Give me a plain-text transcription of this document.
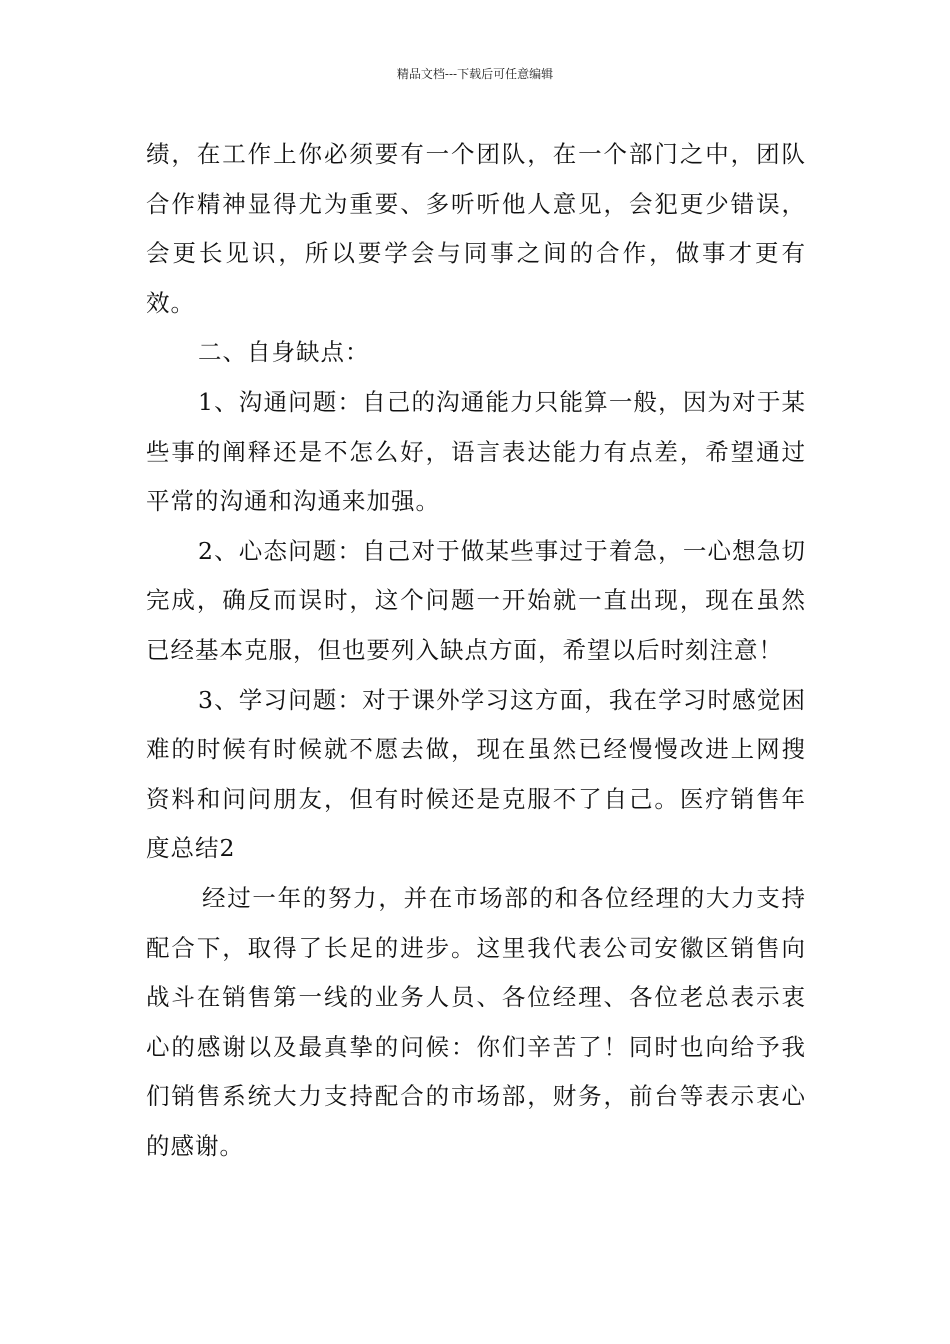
精品文档---下载后可任意编辑

绩，在工作上你必须要有一个团队，在一个部门之中，团队合作精神显得尤为重要、多听听他人意见，会犯更少错误，会更长见识，所以要学会与同事之间的合作，做事才更有效。

二、自身缺点：

1、沟通问题：自己的沟通能力只能算一般，因为对于某些事的阐释还是不怎么好，语言表达能力有点差，希望通过平常的沟通和沟通来加强。

2、心态问题：自己对于做某些事过于着急，一心想急切完成，确反而误时，这个问题一开始就一直出现，现在虽然已经基本克服，但也要列入缺点方面，希望以后时刻注意！

3、学习问题：对于课外学习这方面，我在学习时感觉困难的时候有时候就不愿去做，现在虽然已经慢慢改进上网搜资料和问问朋友，但有时候还是克服不了自己。医疗销售年度总结2

经过一年的努力，并在市场部的和各位经理的大力支持配合下，取得了长足的进步。这里我代表公司安徽区销售向战斗在销售第一线的业务人员、各位经理、各位老总表示衷心的感谢以及最真挚的问候：你们辛苦了！同时也向给予我们销售系统大力支持配合的市场部，财务，前台等表示衷心的感谢。
